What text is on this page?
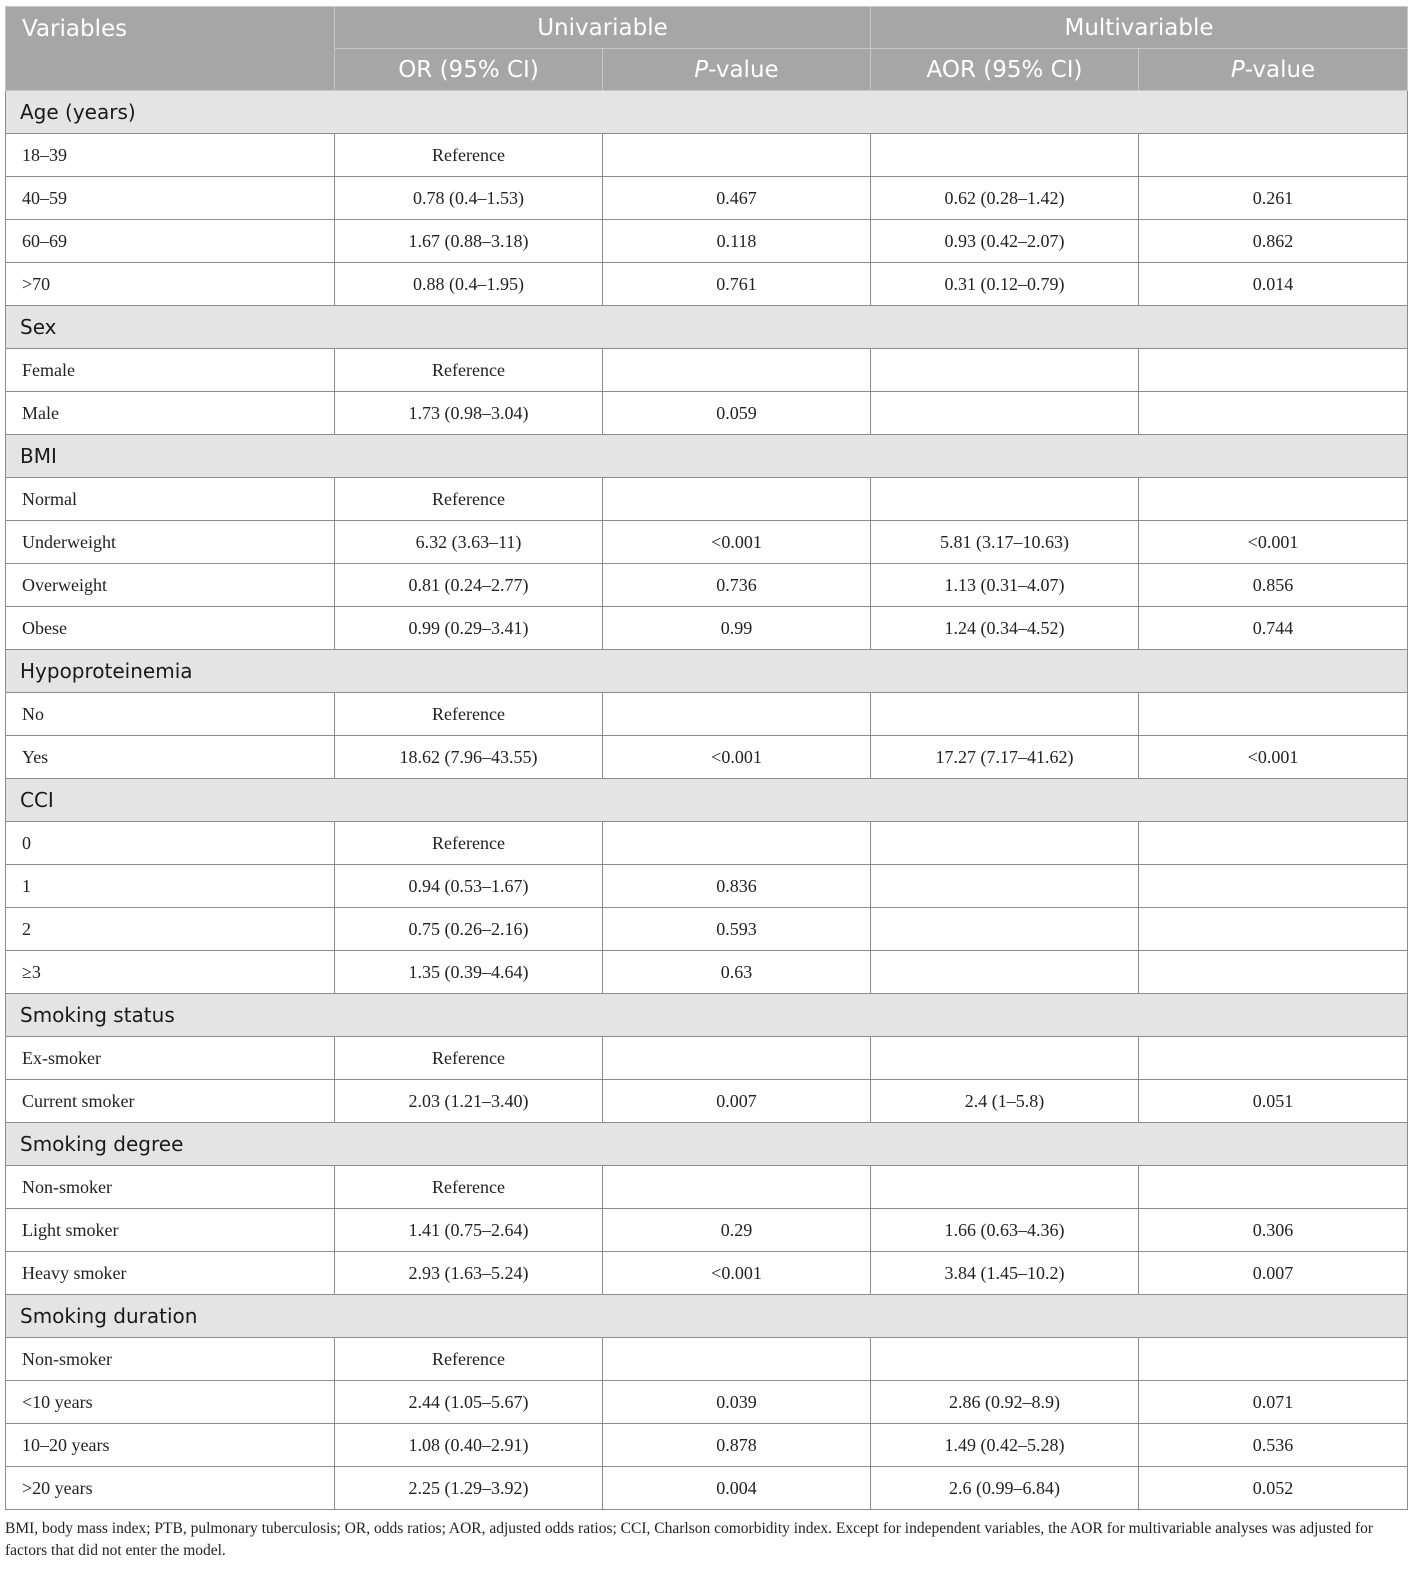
Variables	Univariable		Multivariable	
	OR (95% CI)	P-value	AOR (95% CI)	P-value
Age (years)				
18–39	Reference			
40–59	0.78 (0.4–1.53)	0.467	0.62 (0.28–1.42)	0.261
60–69	1.67 (0.88–3.18)	0.118	0.93 (0.42–2.07)	0.862
>70	0.88 (0.4–1.95)	0.761	0.31 (0.12–0.79)	0.014
Sex				
Female	Reference			
Male	1.73 (0.98–3.04)	0.059		
BMI				
Normal	Reference			
Underweight	6.32 (3.63–11)	<0.001	5.81 (3.17–10.63)	<0.001
Overweight	0.81 (0.24–2.77)	0.736	1.13 (0.31–4.07)	0.856
Obese	0.99 (0.29–3.41)	0.99	1.24 (0.34–4.52)	0.744
Hypoproteinemia				
No	Reference			
Yes	18.62 (7.96–43.55)	<0.001	17.27 (7.17–41.62)	<0.001
CCI				
0	Reference			
1	0.94 (0.53–1.67)	0.836		
2	0.75 (0.26–2.16)	0.593		
≥3	1.35 (0.39–4.64)	0.63		
Smoking status				
Ex-smoker	Reference			
Current smoker	2.03 (1.21–3.40)	0.007	2.4 (1–5.8)	0.051
Smoking degree				
Non-smoker	Reference			
Light smoker	1.41 (0.75–2.64)	0.29	1.66 (0.63–4.36)	0.306
Heavy smoker	2.93 (1.63–5.24)	<0.001	3.84 (1.45–10.2)	0.007
Smoking duration				
Non-smoker	Reference			
<10 years	2.44 (1.05–5.67)	0.039	2.86 (0.92–8.9)	0.071
10–20 years	1.08 (0.40–2.91)	0.878	1.49 (0.42–5.28)	0.536
>20 years	2.25 (1.29–3.92)	0.004	2.6 (0.99–6.84)	0.052
BMI, body mass index; PTB, pulmonary tuberculosis; OR, odds ratios; AOR, adjusted odds ratios; CCI, Charlson comorbidity index. Except for independent variables, the AOR for multivariable analyses was adjusted for factors that did not enter the model.
